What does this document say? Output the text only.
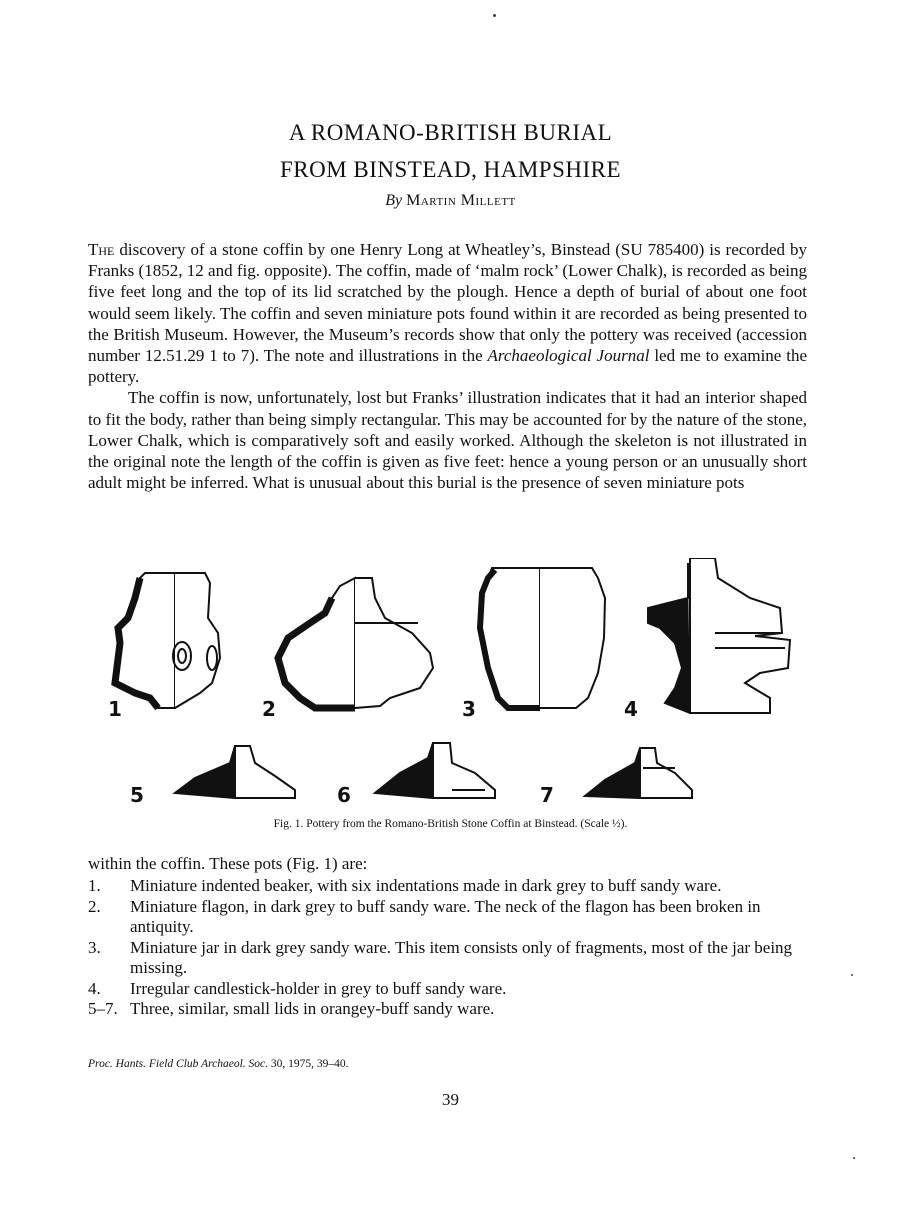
A ROMANO-BRITISH BURIAL
FROM BINSTEAD, HAMPSHIRE
By Martin Millett

The discovery of a stone coffin by one Henry Long at Wheatley’s, Binstead (SU 785400) is recorded by Franks (1852, 12 and fig. opposite). The coffin, made of ‘malm rock’ (Lower Chalk), is recorded as being five feet long and the top of its lid scratched by the plough. Hence a depth of burial of about one foot would seem likely. The coffin and seven miniature pots found within it are recorded as being presented to the British Museum. However, the Museum’s records show that only the pottery was received (accession number 12.51.29 1 to 7). The note and illustrations in the Archaeological Journal led me to examine the pottery.

The coffin is now, unfortunately, lost but Franks’ illustration indicates that it had an interior shaped to fit the body, rather than being simply rectangular. This may be accounted for by the nature of the stone, Lower Chalk, which is comparatively soft and easily worked. Although the skeleton is not illustrated in the original note the length of the coffin is given as five feet: hence a young person or an unusually short adult might be inferred. What is unusual about this burial is the presence of seven miniature pots

1	2	3	4
5	6	7
Fig. 1. Pottery from the Romano-British Stone Coffin at Binstead. (Scale ½).

within the coffin. These pots (Fig. 1) are:

1.	Miniature indented beaker, with six indentations made in dark grey to buff sandy ware.
2.	Miniature flagon, in dark grey to buff sandy ware. The neck of the flagon has been broken in antiquity.
3.	Miniature jar in dark grey sandy ware. This item consists only of fragments, most of the jar being missing.
4.	Irregular candlestick-holder in grey to buff sandy ware.
5–7. Three, similar, small lids in orangey-buff sandy ware.
Proc. Hants. Field Club Archaeol. Soc. 30, 1975, 39–40.
39
